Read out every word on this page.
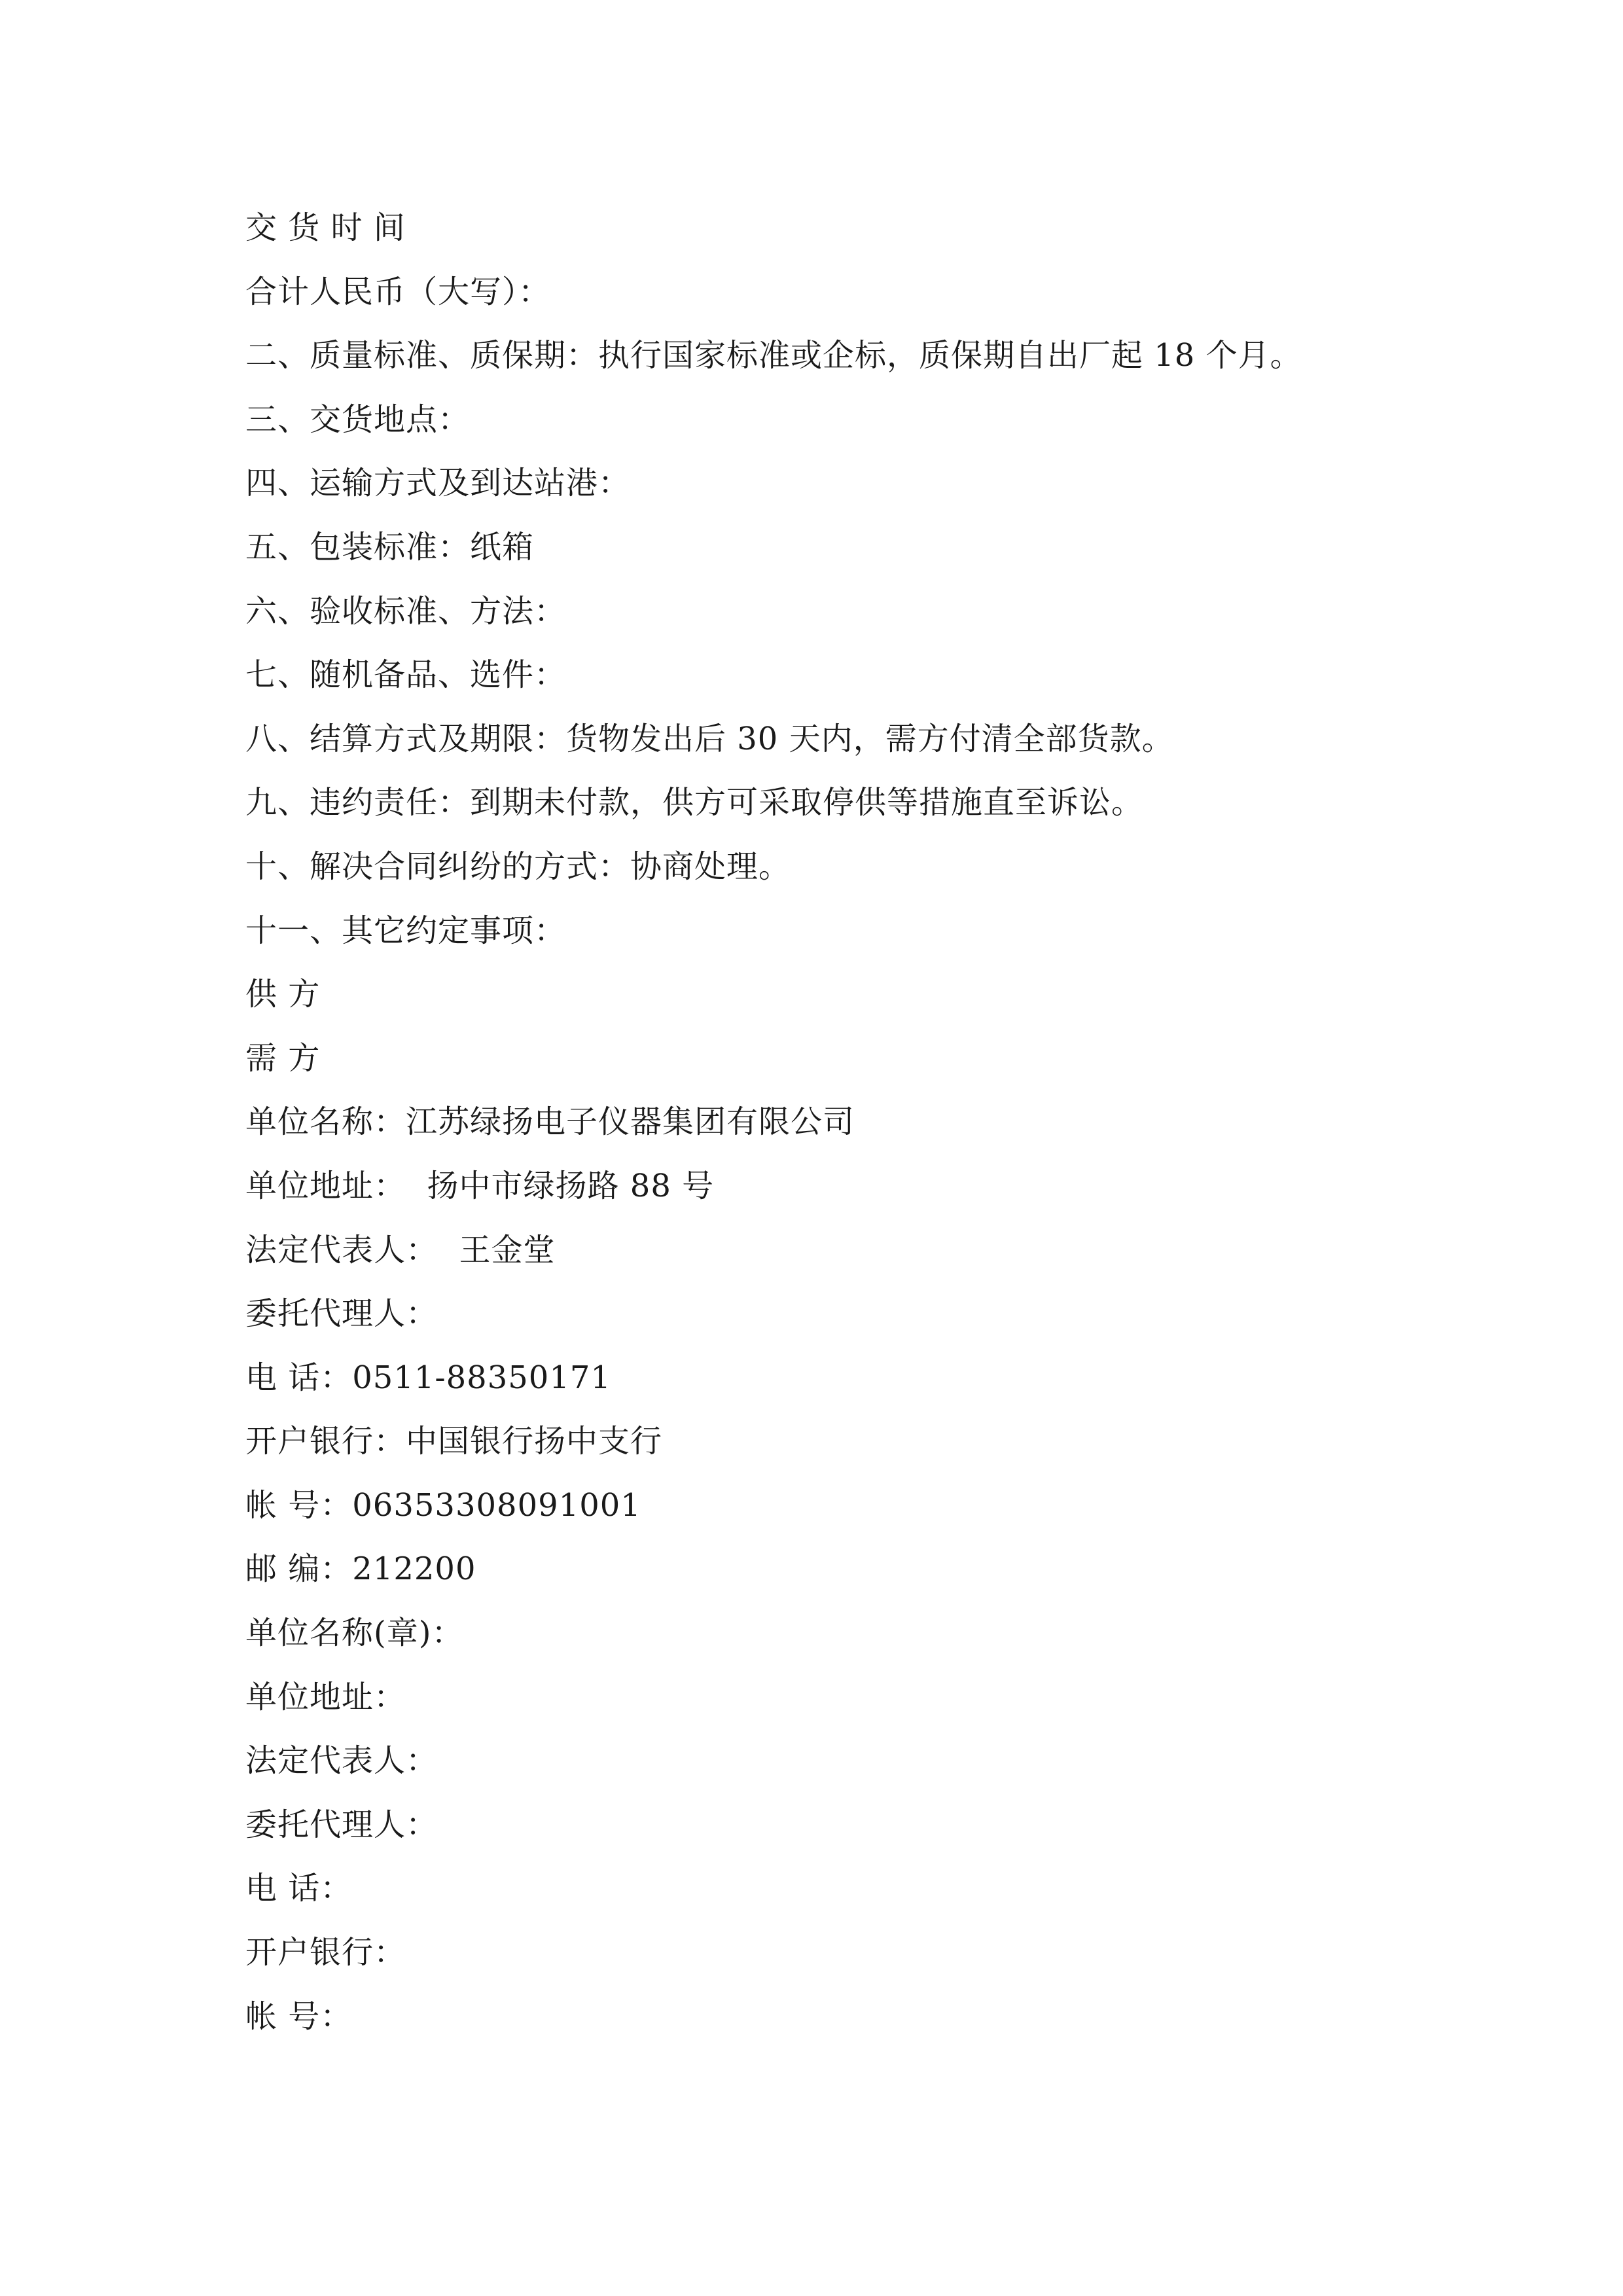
交 货 时 间
合计人民币（大写）：
二、质量标准、质保期：执行国家标准或企标，质保期自出厂起 18 个月。
三、交货地点：
四、运输方式及到达站港：
五、包装标准：纸箱
六、验收标准、方法：
七、随机备品、选件：
八、结算方式及期限：货物发出后 30 天内，需方付清全部货款。
九、违约责任：到期未付款，供方可采取停供等措施直至诉讼。
十、解决合同纠纷的方式：协商处理。
十一、其它约定事项：
供 方
需 方
单位名称：江苏绿扬电子仪器集团有限公司
单位地址：  扬中市绿扬路 88 号
法定代表人：  王金堂
委托代理人：
电 话：0511-88350171
开户银行：中国银行扬中支行
帐 号：06353308091001
邮 编：212200
单位名称(章)：
单位地址：
法定代表人：
委托代理人：
电 话：
开户银行：
帐 号：
